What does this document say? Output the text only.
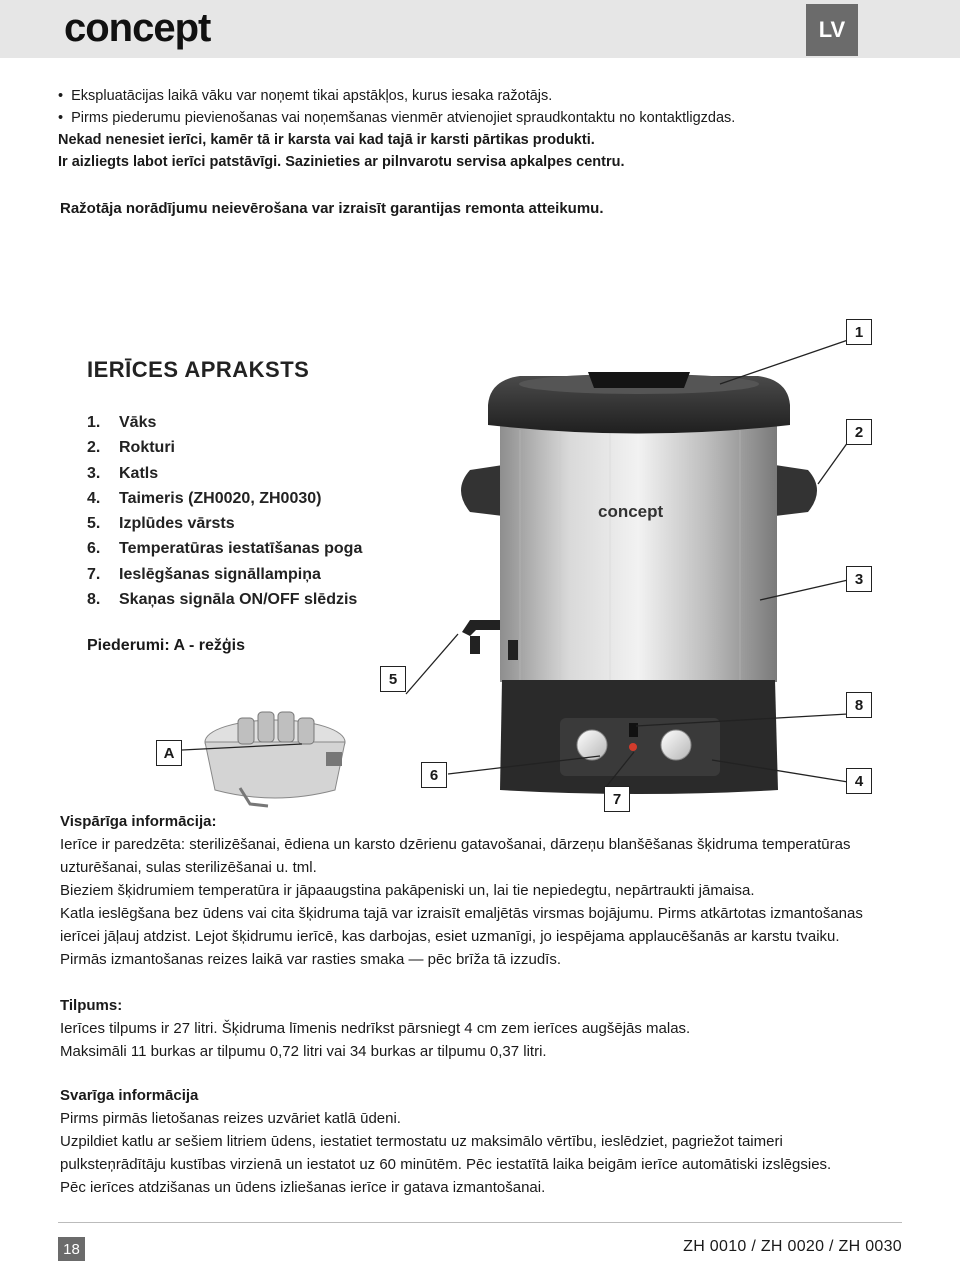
concept	LV
•  Ekspluatācijas laikā vāku var noņemt tikai apstākļos, kurus iesaka ražotājs.
•  Pirms piederumu pievienošanas vai noņemšanas vienmēr atvienojiet spraudkontaktu no kontaktligzdas.
Nekad nenesiet ierīci, kamēr tā ir karsta vai kad tajā ir karsti pārtikas produkti.
Ir aizliegts labot ierīci patstāvīgi. Sazinieties ar pilnvarotu servisa apkalpes centru.
Ražotāja norādījumu neievērošana var izraisīt garantijas remonta atteikumu.
IERĪCES APRAKSTS
1. Vāks
2. Rokturi
3. Katls
4. Taimeris (ZH0020, ZH0030)
5. Izplūdes vārsts
6. Temperatūras iestatīšanas poga
7. Ieslēgšanas signāllampiņa
8. Skaņas signāla ON/OFF slēdzis
Piederumi: A - režģis
concept
1
2
3
4
5
6
7
8
A
Vispārīga informācija:
Ierīce ir paredzēta: sterilizēšanai, ēdiena un karsto dzērienu gatavošanai, dārzeņu blanšēšanas šķidruma temperatūras
uzturēšanai, sulas sterilizēšanai u. tml.
Bieziem šķidrumiem temperatūra ir jāpaaugstina pakāpeniski un, lai tie nepiedegtu, nepārtraukti jāmaisa.
Katla ieslēgšana bez ūdens vai cita šķidruma tajā var izraisīt emaljētās virsmas bojājumu. Pirms atkārtotas izmantošanas
ierīcei jāļauj atdzist. Lejot šķidrumu ierīcē, kas darbojas, esiet uzmanīgi, jo iespējama applaucēšanās ar karstu tvaiku.
Pirmās izmantošanas reizes laikā var rasties smaka — pēc brīža tā izzudīs.
Tilpums:
Ierīces tilpums ir 27 litri. Šķidruma līmenis nedrīkst pārsniegt 4 cm zem ierīces augšējās malas.
Maksimāli 11 burkas ar tilpumu 0,72 litri vai 34 burkas ar tilpumu 0,37 litri.
Svarīga informācija
Pirms pirmās lietošanas reizes uzvāriet katlā ūdeni.
Uzpildiet katlu ar sešiem litriem ūdens, iestatiet termostatu uz maksimālo vērtību, ieslēdziet, pagriežot taimeri
pulksteņrādītāju kustības virzienā un iestatot uz 60 minūtēm. Pēc iestatītā laika beigām ierīce automātiski izslēgsies.
Pēc ierīces atdzišanas un ūdens izliešanas ierīce ir gatava izmantošanai.
18	ZH 0010 / ZH 0020 / ZH 0030
